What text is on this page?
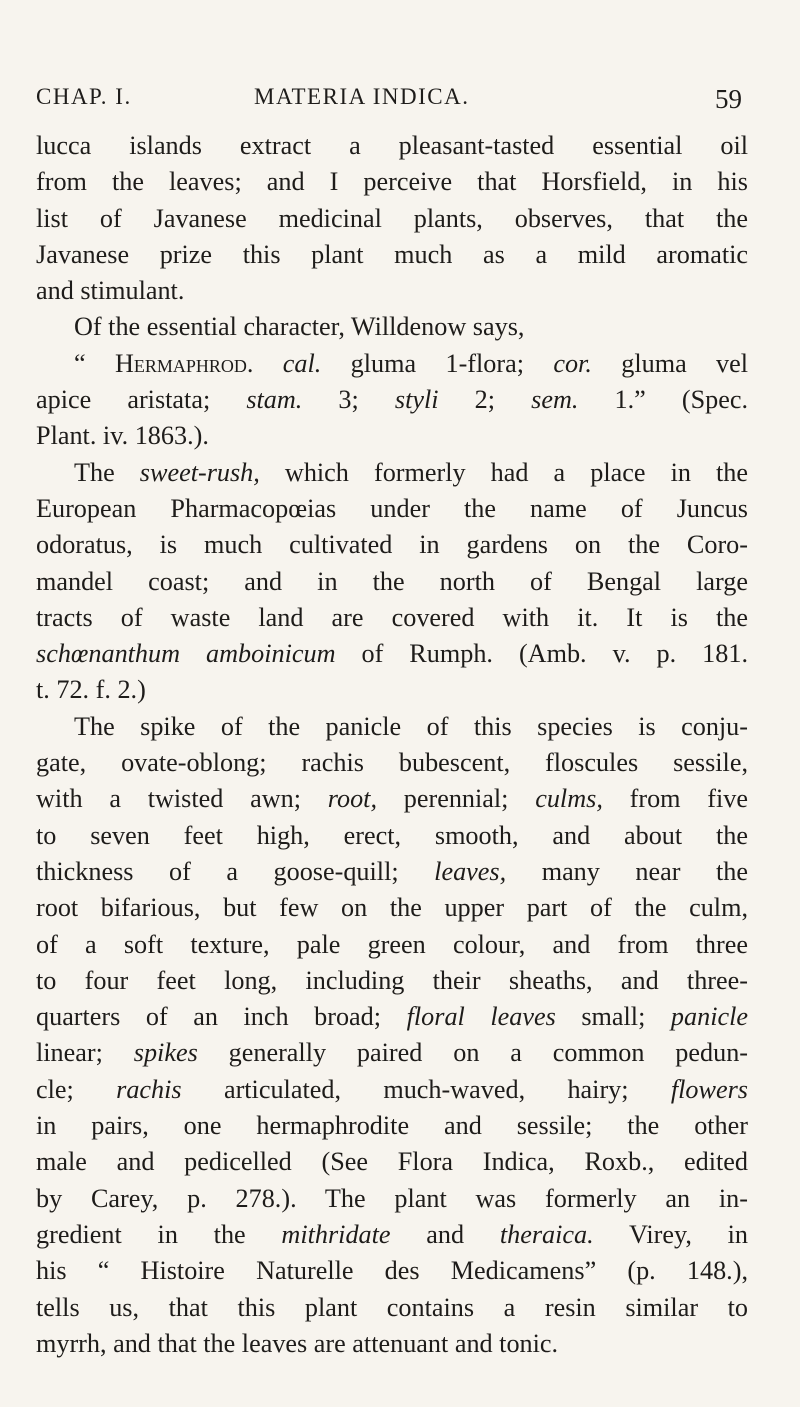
CHAP. I.	MATERIA INDICA.	59
lucca islands extract a pleasant-tasted essential oil
from the leaves; and I perceive that Horsfield, in his
list of Javanese medicinal plants, observes, that the
Javanese prize this plant much as a mild aromatic
and stimulant.
Of the essential character, Willdenow says,
“ Hermaphrod. cal. gluma 1-flora; cor. gluma vel
apice aristata; stam. 3; styli 2; sem. 1.” (Spec.
Plant. iv. 1863.).
The sweet-rush, which formerly had a place in the
European Pharmacopœias under the name of Juncus
odoratus, is much cultivated in gardens on the Coro-
mandel coast; and in the north of Bengal large
tracts of waste land are covered with it. It is the
schœnanthum amboinicum of Rumph. (Amb. v. p. 181.
t. 72. f. 2.)
The spike of the panicle of this species is conju-
gate, ovate-oblong; rachis bubescent, floscules sessile,
with a twisted awn; root, perennial; culms, from five
to seven feet high, erect, smooth, and about the
thickness of a goose-quill; leaves, many near the
root bifarious, but few on the upper part of the culm,
of a soft texture, pale green colour, and from three
to four feet long, including their sheaths, and three-
quarters of an inch broad; floral leaves small; panicle
linear; spikes generally paired on a common pedun-
cle; rachis articulated, much-waved, hairy; flowers
in pairs, one hermaphrodite and sessile; the other
male and pedicelled (See Flora Indica, Roxb., edited
by Carey, p. 278.). The plant was formerly an in-
gredient in the mithridate and theraica. Virey, in
his “ Histoire Naturelle des Medicamens” (p. 148.),
tells us, that this plant contains a resin similar to
myrrh, and that the leaves are attenuant and tonic.
